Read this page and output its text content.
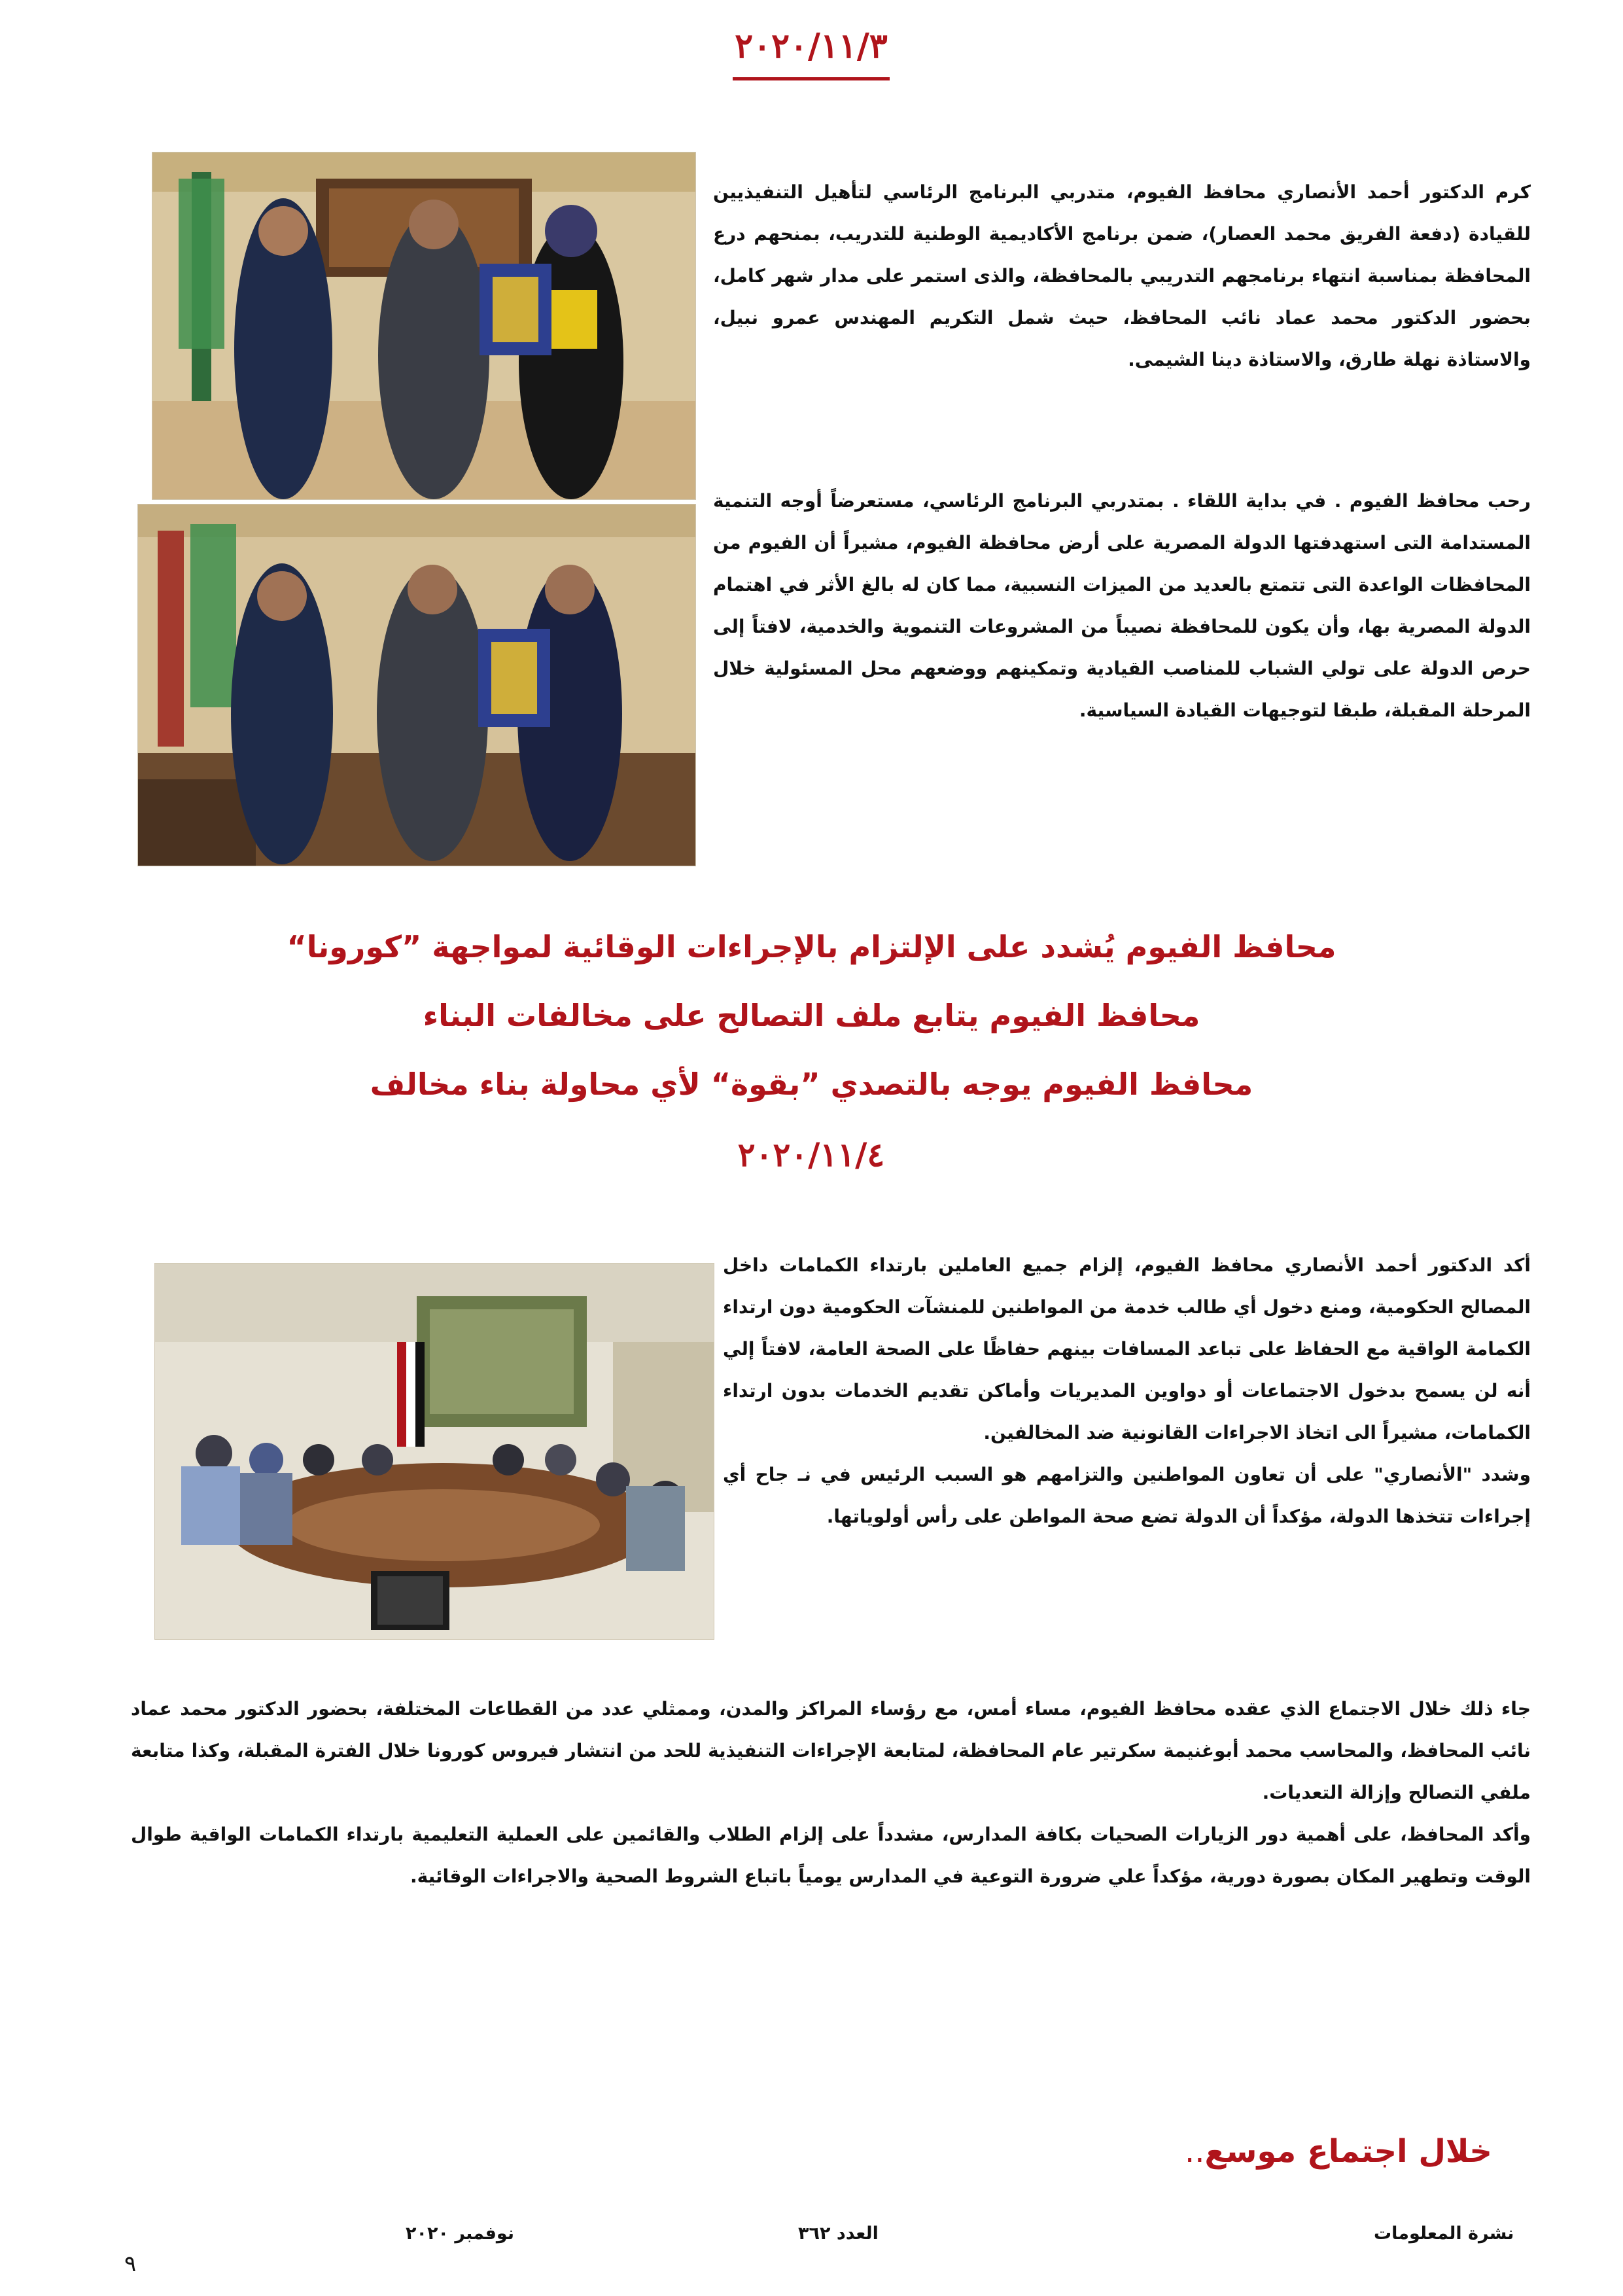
٢٠٢٠/١١/٣

كرم الدكتور أحمد الأنصاري محافظ الفيوم، متدربي البرنامج الرئاسي لتأهيل التنفيذيين للقيادة (دفعة الفريق محمد العصار)، ضمن برنامج الأكاديمية الوطنية للتدريب، بمنحهم درع المحافظة بمناسبة انتهاء برنامجهم التدريبي بالمحافظة، والذى استمر على مدار شهر كامل، بحضور الدكتور محمد عماد نائب المحافظ، حيث شمل التكريم المهندس عمرو نبيل، والاستاذة نهلة طارق، والاستاذة دينا الشيمى.

رحب محافظ الفيوم . في بداية اللقاء . بمتدربي البرنامج الرئاسي، مستعرضاً أوجه التنمية المستدامة التى استهدفتها الدولة المصرية على أرض محافظة الفيوم، مشيراً أن الفيوم من المحافظات الواعدة التى تتمتع بالعديد من الميزات النسبية، مما كان له بالغ الأثر في اهتمام الدولة المصرية بها، وأن يكون للمحافظة نصيباً من المشروعات التنموية والخدمية، لافتاً إلى حرص الدولة على تولي الشباب للمناصب القيادية وتمكينهم ووضعهم محل المسئولية خلال المرحلة المقبلة، طبقا لتوجيهات القيادة السياسية.

محافظ الفيوم يُشدد على الإلتزام بالإجراءات الوقائية لمواجهة ”كورونا“
محافظ الفيوم يتابع ملف التصالح على مخالفات البناء
محافظ الفيوم يوجه بالتصدي ”بقوة“ لأي محاولة بناء مخالف
٢٠٢٠/١١/٤

أكد الدكتور أحمد الأنصاري محافظ الفيوم، إلزام جميع العاملين بارتداء الكمامات داخل المصالح الحكومية، ومنع دخول أي طالب خدمة من المواطنين للمنشآت الحكومية دون ارتداء الكمامة الواقية مع الحفاظ على تباعد المسافات بينهم حفاظًا على الصحة العامة، لافتاً إلي أنه لن يسمح بدخول الاجتماعات أو دواوين المديريات وأماكن تقديم الخدمات بدون ارتداء الكمامات، مشيراً الى اتخاذ الاجراءات القانونية ضد المخالفين.

وشدد "الأنصاري" على أن تعاون المواطنين والتزامهم هو السبب الرئيس في نـ جاح أي إجراءات تتخذها الدولة، مؤكداً أن الدولة تضع صحة المواطن على رأس أولوياتها.

جاء ذلك خلال الاجتماع الذي عقده محافظ الفيوم، مساء أمس، مع رؤساء المراكز والمدن، وممثلي عدد من القطاعات المختلفة، بحضور الدكتور محمد عماد نائب المحافظ، والمحاسب محمد أبوغنيمة سكرتير عام المحافظة، لمتابعة الإجراءات التنفيذية للحد من انتشار فيروس كورونا خلال الفترة المقبلة، وكذا متابعة ملفي التصالح وإزالة التعديات.

وأكد المحافظ، على أهمية دور الزيارات الصحيات بكافة المدارس، مشدداً على إلزام الطلاب والقائمين على العملية التعليمية بارتداء الكمامات الواقية طوال الوقت وتطهير المكان بصورة دورية، مؤكداً علي ضرورة التوعية في المدارس يومياً باتباع الشروط الصحية والاجراءات الوقائية.

خلال اجتماع موسع..
نشرة المعلومات
العدد ٣٦٢
نوفمبر ٢٠٢٠
٩
